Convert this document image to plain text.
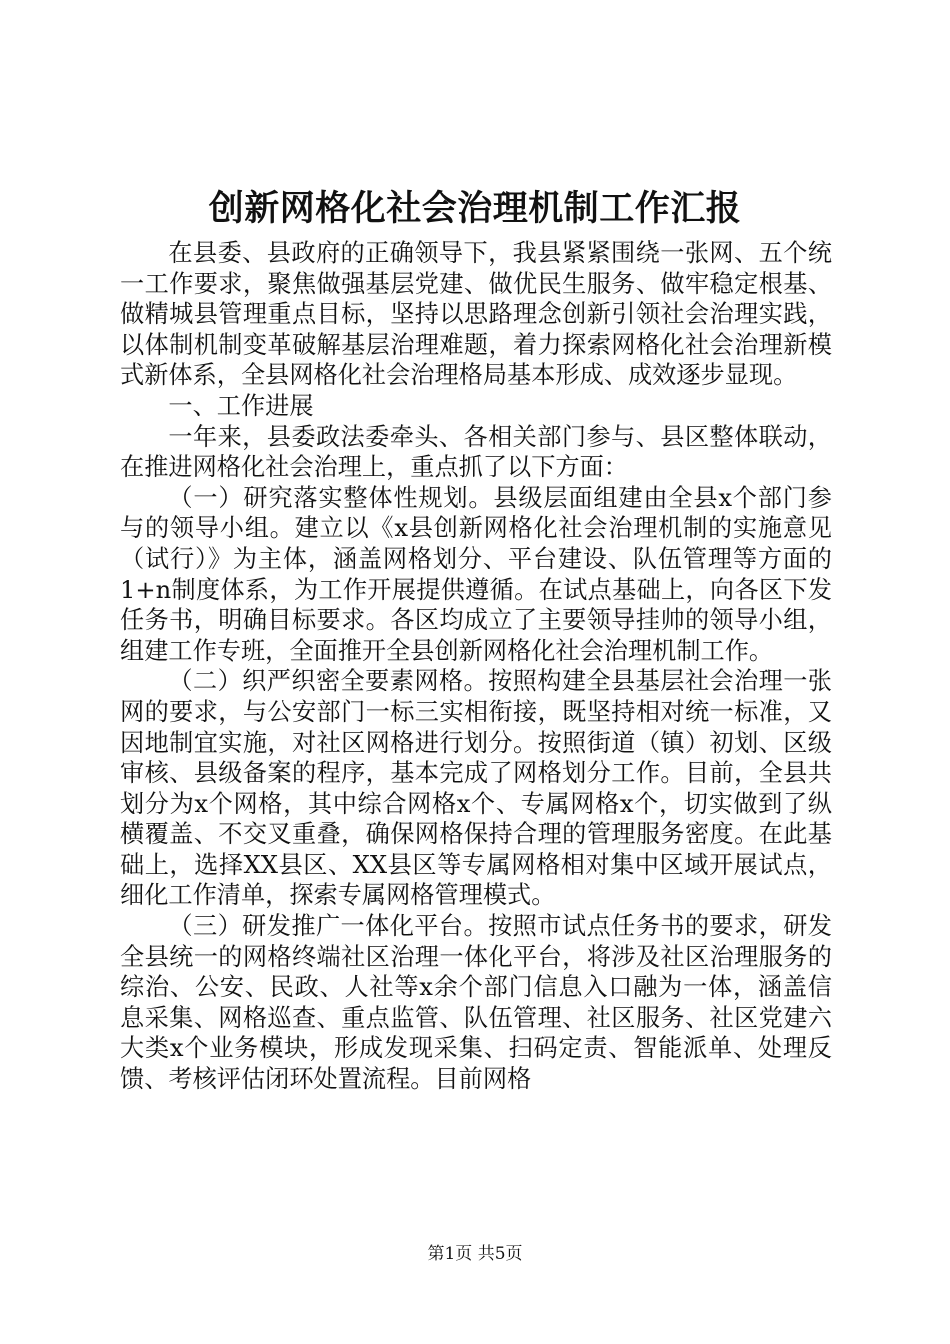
创新网格化社会治理机制工作汇报

在县委、县政府的正确领导下，我县紧紧围绕一张网、五个统一工作要求，聚焦做强基层党建、做优民生服务、做牢稳定根基、做精城县管理重点目标，坚持以思路理念创新引领社会治理实践，以体制机制变革破解基层治理难题，着力探索网格化社会治理新模式新体系，全县网格化社会治理格局基本形成、成效逐步显现。

一、工作进展

一年来，县委政法委牵头、各相关部门参与、县区整体联动，在推进网格化社会治理上，重点抓了以下方面：

（一）研究落实整体性规划。县级层面组建由全县x个部门参与的领导小组。建立以《x县创新网格化社会治理机制的实施意见（试行）》为主体，涵盖网格划分、平台建设、队伍管理等方面的1+n制度体系，为工作开展提供遵循。在试点基础上，向各区下发任务书，明确目标要求。各区均成立了主要领导挂帅的领导小组，组建工作专班，全面推开全县创新网格化社会治理机制工作。

（二）织严织密全要素网格。按照构建全县基层社会治理一张网的要求，与公安部门一标三实相衔接，既坚持相对统一标准，又因地制宜实施，对社区网格进行划分。按照街道（镇）初划、区级审核、县级备案的程序，基本完成了网格划分工作。目前，全县共划分为x个网格，其中综合网格x个、专属网格x个，切实做到了纵横覆盖、不交叉重叠，确保网格保持合理的管理服务密度。在此基础上，选择XX县区、XX县区等专属网格相对集中区域开展试点，细化工作清单，探索专属网格管理模式。

（三）研发推广一体化平台。按照市试点任务书的要求，研发全县统一的网格终端社区治理一体化平台，将涉及社区治理服务的综治、公安、民政、人社等x余个部门信息入口融为一体，涵盖信息采集、网格巡查、重点监管、队伍管理、社区服务、社区党建六大类x个业务模块，形成发现采集、扫码定责、智能派单、处理反馈、考核评估闭环处置流程。目前网格

第1页 共5页
